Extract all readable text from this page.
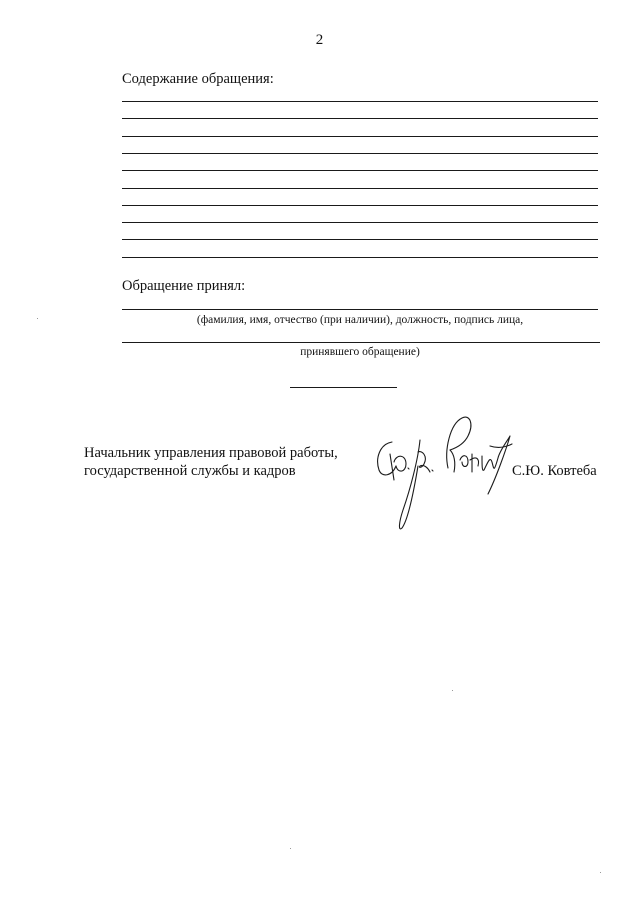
2
Содержание обращения:
Обращение принял:
(фамилия, имя, отчество (при наличии), должность, подпись лица,
принявшего обращение)
Начальник управления правовой работы,
государственной службы и кадров	С.Ю. Ковтеба
